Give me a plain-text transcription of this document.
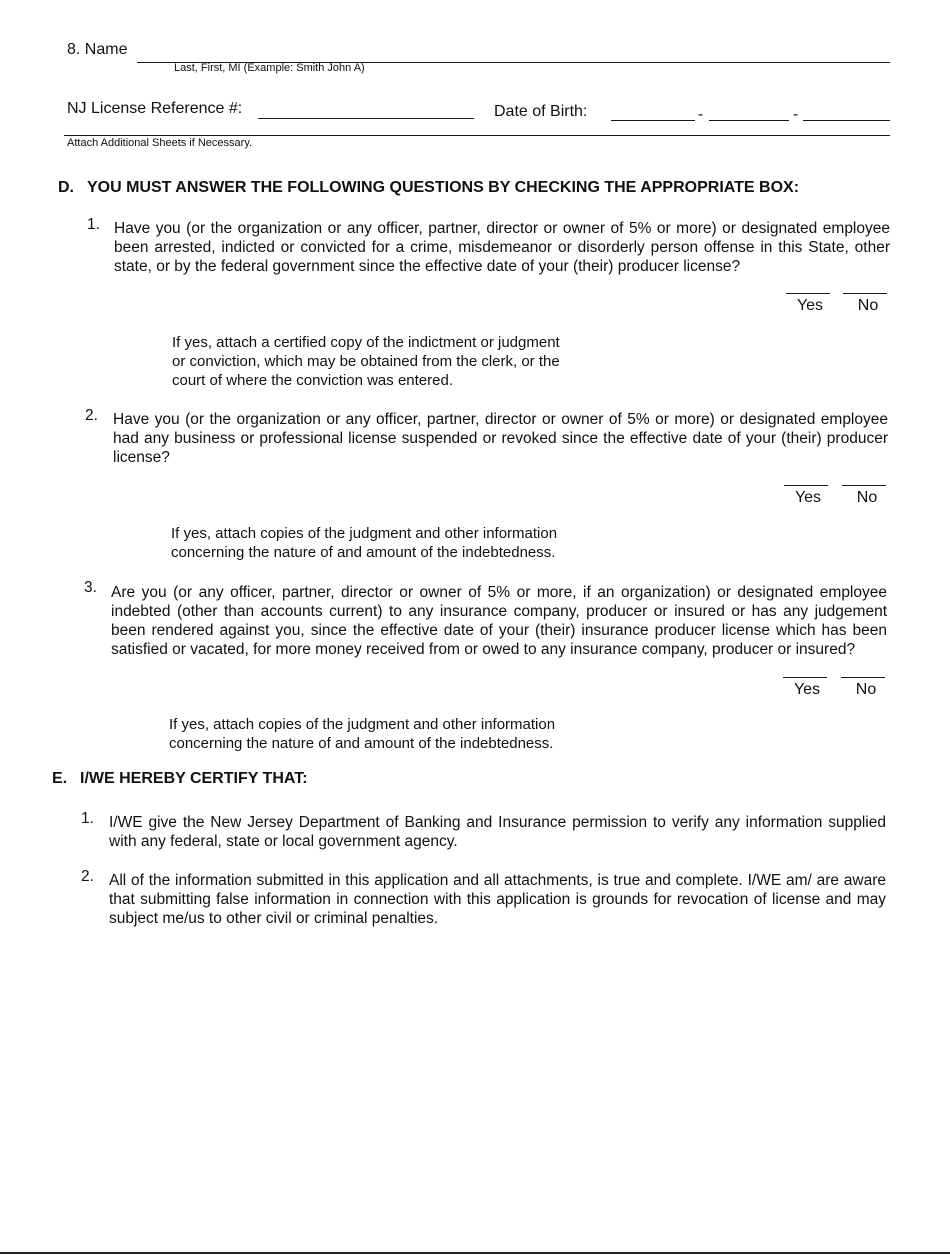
8. Name
Last, First, MI (Example: Smith John A)
NJ License Reference #:	Date of Birth:	-	-
Attach Additional Sheets if Necessary.
D. YOU MUST ANSWER THE FOLLOWING QUESTIONS BY CHECKING THE APPROPRIATE BOX:
1. Have you (or the organization or any officer, partner, director or owner of 5% or more) or designated employee been arrested, indicted or convicted for a crime, misdemeanor or disorderly person offense in this State, other state, or by the federal government since the effective date of your (their) producer license?
Yes	No
If yes, attach a certified copy of the indictment or judgment
or conviction, which may be obtained from the clerk, or the
court of where the conviction was entered.
2. Have you (or the organization or any officer, partner, director or owner of 5% or more) or designated employee had any business or professional license suspended or revoked since the effective date of your (their) producer license?
Yes	No
If yes, attach copies of the judgment and other information
concerning the nature of and amount of the indebtedness.
3. Are you (or any officer, partner, director or owner of 5% or more, if an organization) or designated employee indebted (other than accounts current) to any insurance company, producer or insured or has any judgement been rendered against you, since the effective date of your (their) insurance producer license which has been satisfied or vacated, for more money received from or owed to any insurance company, producer or insured?
Yes	No
If yes, attach copies of the judgment and other information
concerning the nature of and amount of the indebtedness.
E. I/WE HEREBY CERTIFY THAT:
1. I/WE give the New Jersey Department of Banking and Insurance permission to verify any information supplied with any federal, state or local government agency.
2. All of the information submitted in this application and all attachments, is true and complete. I/WE am/ are aware that submitting false information in connection with this application is grounds for revocation of license and may subject me/us to other civil or criminal penalties.
